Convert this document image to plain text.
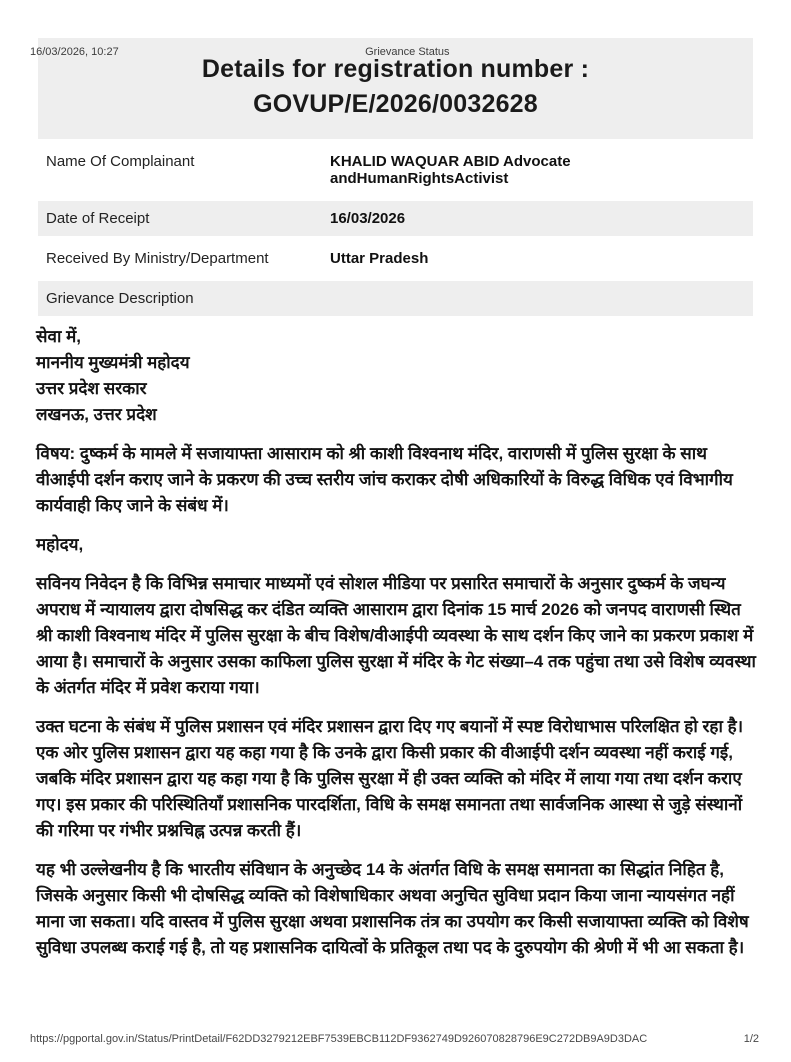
16/03/2026, 10:27	Grievance Status
Details for registration number :
GOVUP/E/2026/0032628
Name Of Complainant	KHALID WAQUAR ABID Advocate andHumanRightsActivist
Date of Receipt	16/03/2026
Received By Ministry/Department	Uttar Pradesh
Grievance Description

सेवा में,
माननीय मुख्यमंत्री महोदय
उत्तर प्रदेश सरकार
लखनऊ, उत्तर प्रदेश

विषय: दुष्कर्म के मामले में सजायाफ्ता आसाराम को श्री काशी विश्वनाथ मंदिर, वाराणसी में पुलिस सुरक्षा के साथ वीआईपी दर्शन कराए जाने के प्रकरण की उच्च स्तरीय जांच कराकर दोषी अधिकारियों के विरुद्ध विधिक एवं विभागीय कार्यवाही किए जाने के संबंध में।

महोदय,

सविनय निवेदन है कि विभिन्न समाचार माध्यमों एवं सोशल मीडिया पर प्रसारित समाचारों के अनुसार दुष्कर्म के जघन्य अपराध में न्यायालय द्वारा दोषसिद्ध कर दंडित व्यक्ति आसाराम द्वारा दिनांक 15 मार्च 2026 को जनपद वाराणसी स्थित श्री काशी विश्वनाथ मंदिर में पुलिस सुरक्षा के बीच विशेष/वीआईपी व्यवस्था के साथ दर्शन किए जाने का प्रकरण प्रकाश में आया है। समाचारों के अनुसार उसका काफिला पुलिस सुरक्षा में मंदिर के गेट संख्या–4 तक पहुंचा तथा उसे विशेष व्यवस्था के अंतर्गत मंदिर में प्रवेश कराया गया।

उक्त घटना के संबंध में पुलिस प्रशासन एवं मंदिर प्रशासन द्वारा दिए गए बयानों में स्पष्ट विरोधाभास परिलक्षित हो रहा है। एक ओर पुलिस प्रशासन द्वारा यह कहा गया है कि उनके द्वारा किसी प्रकार की वीआईपी दर्शन व्यवस्था नहीं कराई गई, जबकि मंदिर प्रशासन द्वारा यह कहा गया है कि पुलिस सुरक्षा में ही उक्त व्यक्ति को मंदिर में लाया गया तथा दर्शन कराए गए। इस प्रकार की परिस्थितियाँ प्रशासनिक पारदर्शिता, विधि के समक्ष समानता तथा सार्वजनिक आस्था से जुड़े संस्थानों की गरिमा पर गंभीर प्रश्नचिह्न उत्पन्न करती हैं।

यह भी उल्लेखनीय है कि भारतीय संविधान के अनुच्छेद 14 के अंतर्गत विधि के समक्ष समानता का सिद्धांत निहित है, जिसके अनुसार किसी भी दोषसिद्ध व्यक्ति को विशेषाधिकार अथवा अनुचित सुविधा प्रदान किया जाना न्यायसंगत नहीं माना जा सकता। यदि वास्तव में पुलिस सुरक्षा अथवा प्रशासनिक तंत्र का उपयोग कर किसी सजायाफ्ता व्यक्ति को विशेष सुविधा उपलब्ध कराई गई है, तो यह प्रशासनिक दायित्वों के प्रतिकूल तथा पद के दुरुपयोग की श्रेणी में भी आ सकता है।

https://pgportal.gov.in/Status/PrintDetail/F62DD3279212EBF7539EBCB112DF9362749D926070828796E9C272DB9A9D3DAC	1/2
